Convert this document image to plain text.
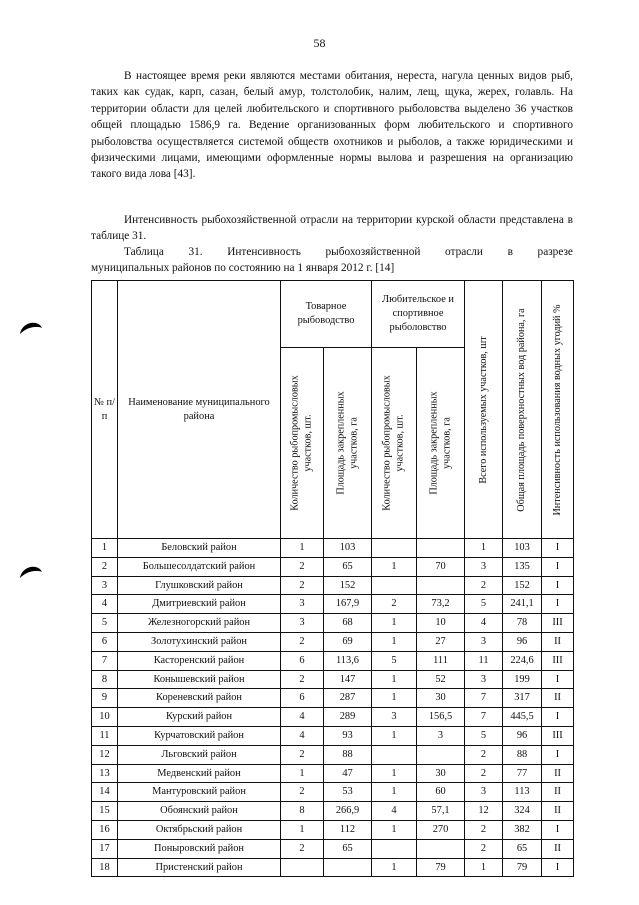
58

В настоящее время реки являются местами обитания, нереста, нагула ценных видов рыб, таких как судак, карп, сазан, белый амур, толстолобик, налим, лещ, щука, жерех, голавль. На территории области для целей любительского и спортивного рыболовства выделено 36 участков общей площадью 1586,9 га. Ведение организованных форм любительского и спортивного рыболовства осуществляется системой обществ охотников и рыболов, а также юридическими и физическими лицами, имеющими оформленные нормы вылова и разрешения на организацию такого вида лова [43].

Интенсивность рыбохозяйственной отрасли на территории курской области представлена в таблице 31.

Таблица 31. Интенсивность рыбохозяйственной отрасли в разрезе
муниципальных районов по состоянию на 1 января 2012 г. [14]
№ п/п	Наименование муниципального района	Товарное рыбоводство		Любительское и спортивное рыболовство		Всего используемых участков, шт	Общая площадь поверхностных вод района, га	Интенсивность использования водных угодий %

		Количество рыбопромысловых участков, шт.	Площадь закрепленных участков, га	Количество рыбопромысловых участков, шт.	Площадь закрепленных участков, га			

1	Беловский район	1	103			1	103	I
2	Большесолдатский район	2	65	1	70	3	135	I
3	Глушковский район	2	152			2	152	I
4	Дмитриевский район	3	167,9	2	73,2	5	241,1	I
5	Железногорский район	3	68	1	10	4	78	III
6	Золотухинский район	2	69	1	27	3	96	II
7	Касторенский район	6	113,6	5	111	11	224,6	III
8	Конышевский район	2	147	1	52	3	199	I
9	Кореневский район	6	287	1	30	7	317	II
10	Курский район	4	289	3	156,5	7	445,5	I
11	Курчатовский район	4	93	1	3	5	96	III
12	Льговский район	2	88			2	88	I
13	Медвенский район	1	47	1	30	2	77	II
14	Мантуровский район	2	53	1	60	3	113	II
15	Обоянский район	8	266,9	4	57,1	12	324	II
16	Октябрьский район	1	112	1	270	2	382	I
17	Поныровский район	2	65			2	65	II
18	Пристенский район			1	79	1	79	I
